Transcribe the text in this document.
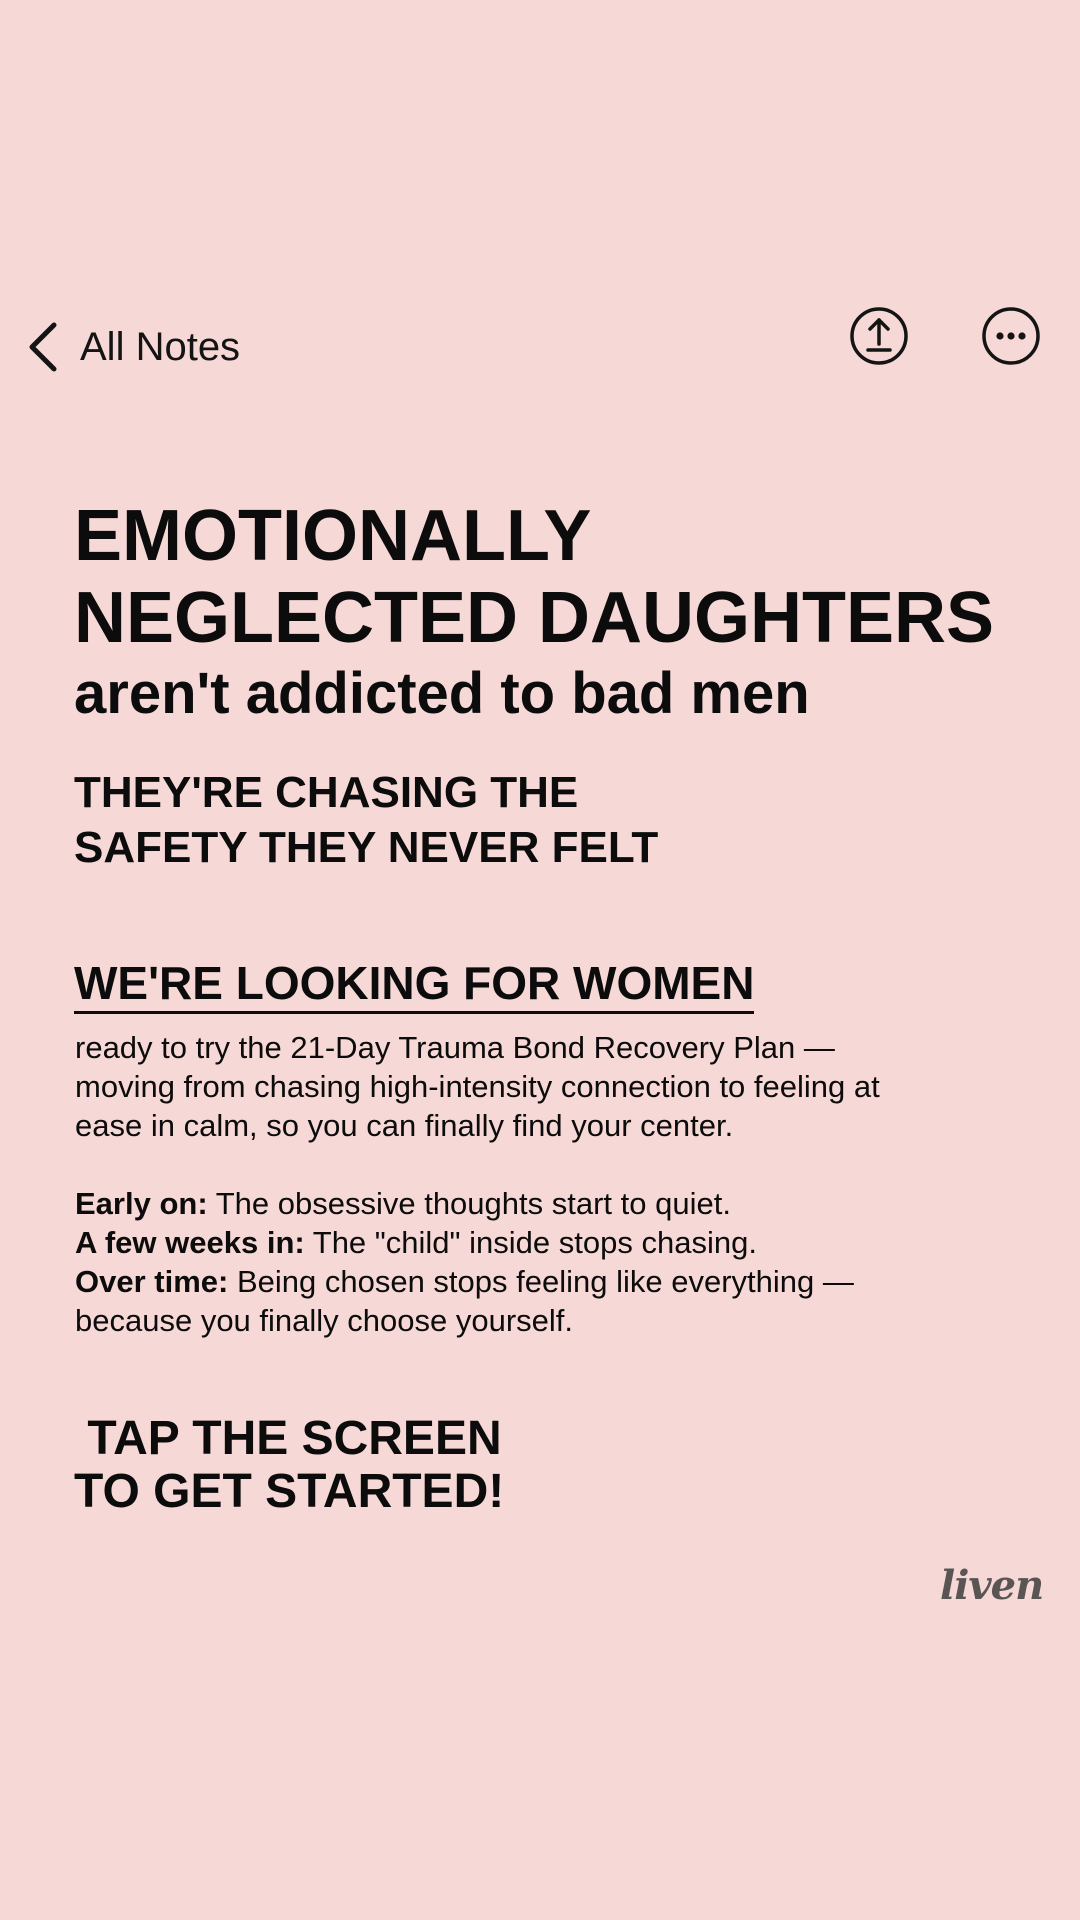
All Notes
EMOTIONALLY
NEGLECTED DAUGHTERS
aren't addicted to bad men
THEY'RE CHASING THE
SAFETY THEY NEVER FELT
WE'RE LOOKING FOR WOMEN
ready to try the 21-Day Trauma Bond Recovery Plan — moving from chasing high-intensity connection to feeling at ease in calm, so you can finally find your center.
Early on: The obsessive thoughts start to quiet.
A few weeks in: The "child" inside stops chasing.
Over time: Being chosen stops feeling like everything — because you finally choose yourself.
TAP THE SCREEN
TO GET STARTED!
liven
